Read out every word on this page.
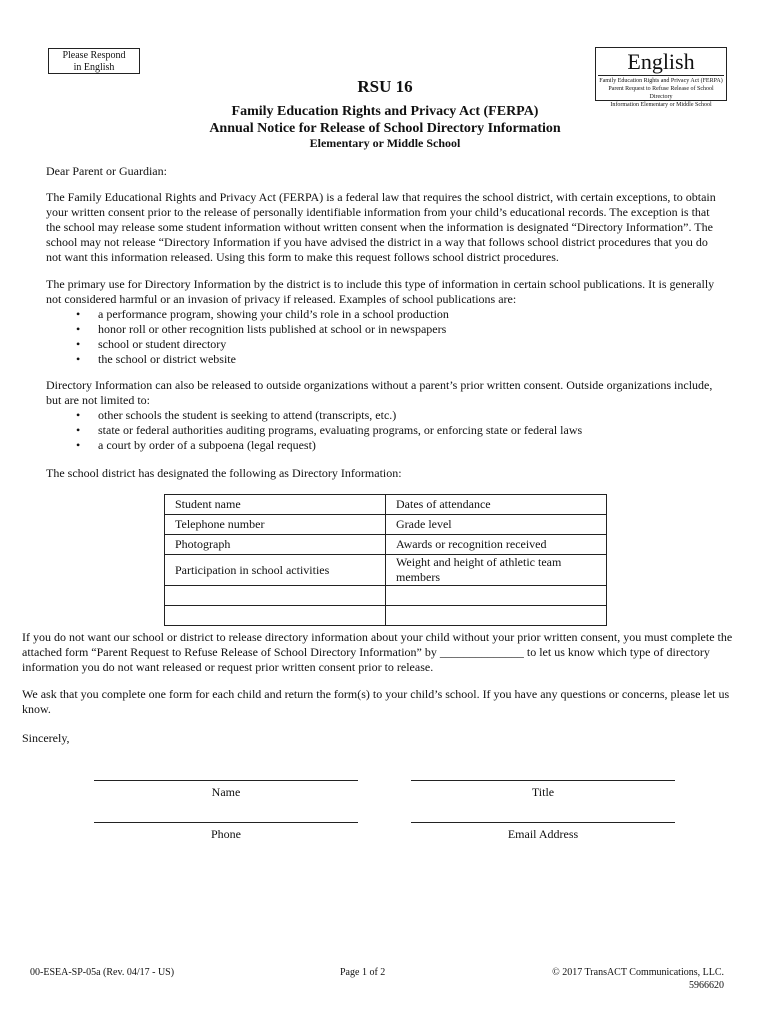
Please Respond
in English	English
Family Education Rights and Privacy Act (FERPA)
Parent Request to Refuse Release of School Directory
Information Elementary or Middle School
RSU 16
Family Education Rights and Privacy Act (FERPA)
Annual Notice for Release of School Directory Information
Elementary or Middle School
Dear Parent or Guardian:
The Family Educational Rights and Privacy Act (FERPA) is a federal law that requires the school district, with certain exceptions, to obtain your written consent prior to the release of personally identifiable information from your child’s educational records. The exception is that the school may release some student information without written consent when the information is designated “Directory Information”. The school may not release “Directory Information if you have advised the district in a way that follows school district procedures that you do not want this information released. Using this form to make this request follows school district procedures.
The primary use for Directory Information by the district is to include this type of information in certain school publications. It is generally not considered harmful or an invasion of privacy if released. Examples of school publications are:
• a performance program, showing your child’s role in a school production
• honor roll or other recognition lists published at school or in newspapers
• school or student directory
• the school or district website
Directory Information can also be released to outside organizations without a parent’s prior written consent. Outside organizations include, but are not limited to:
• other schools the student is seeking to attend (transcripts, etc.)
• state or federal authorities auditing programs, evaluating programs, or enforcing state or federal laws
• a court by order of a subpoena (legal request)
The school district has designated the following as Directory Information:
Student name	Dates of attendance
Telephone number	Grade level
Photograph	Awards or recognition received
Participation in school activities	Weight and height of athletic team members

If you do not want our school or district to release directory information about your child without your prior written consent, you must complete the attached form “Parent Request to Refuse Release of School Directory Information” by ______________ to let us know which type of directory information you do not want released or request prior written consent prior to release.
We ask that you complete one form for each child and return the form(s) to your child’s school. If you have any questions or concerns, please let us know.
Sincerely,
Name	Title
Phone	Email Address
00-ESEA-SP-05a (Rev. 04/17 - US)	Page 1 of 2	© 2017 TransACT Communications, LLC.
5966620
